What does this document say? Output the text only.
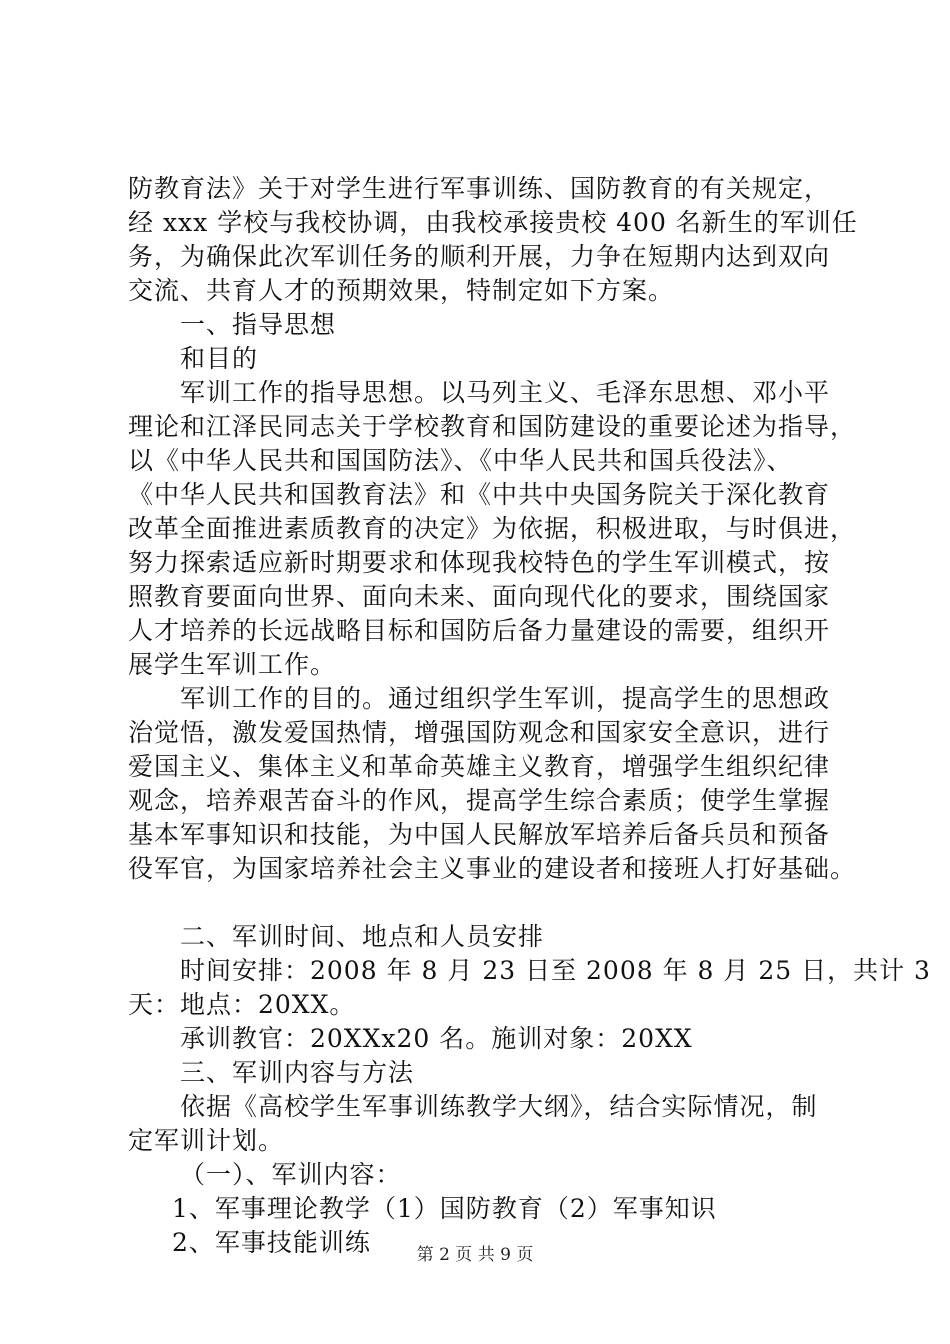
防教育法》关于对学生进行军事训练、国防教育的有关规定，
经 xxx 学校与我校协调，由我校承接贵校 400 名新生的军训任
务，为确保此次军训任务的顺利开展，力争在短期内达到双向
交流、共育人才的预期效果，特制定如下方案。
一、指导思想
和目的
军训工作的指导思想。以马列主义、毛泽东思想、邓小平
理论和江泽民同志关于学校教育和国防建设的重要论述为指导，
以《中华人民共和国国防法》、《中华人民共和国兵役法》、
《中华人民共和国教育法》和《中共中央国务院关于深化教育
改革全面推进素质教育的决定》为依据，积极进取，与时俱进，
努力探索适应新时期要求和体现我校特色的学生军训模式，按
照教育要面向世界、面向未来、面向现代化的要求，围绕国家
人才培养的长远战略目标和国防后备力量建设的需要，组织开
展学生军训工作。
军训工作的目的。通过组织学生军训，提高学生的思想政
治觉悟，激发爱国热情，增强国防观念和国家安全意识，进行
爱国主义、集体主义和革命英雄主义教育，增强学生组织纪律
观念，培养艰苦奋斗的作风，提高学生综合素质；使学生掌握
基本军事知识和技能，为中国人民解放军培养后备兵员和预备
役军官，为国家培养社会主义事业的建设者和接班人打好基础。
二、军训时间、地点和人员安排
时间安排：2008 年 8 月 23 日至 2008 年 8 月 25 日，共计 3
天：地点：20XX。
承训教官：20XXx20 名。施训对象：20XX
三、军训内容与方法
依据《高校学生军事训练教学大纲》，结合实际情况，制
定军训计划。
（一）、军训内容：
1、军事理论教学（1）国防教育（2）军事知识
2、军事技能训练	第 2 页 共 9 页
